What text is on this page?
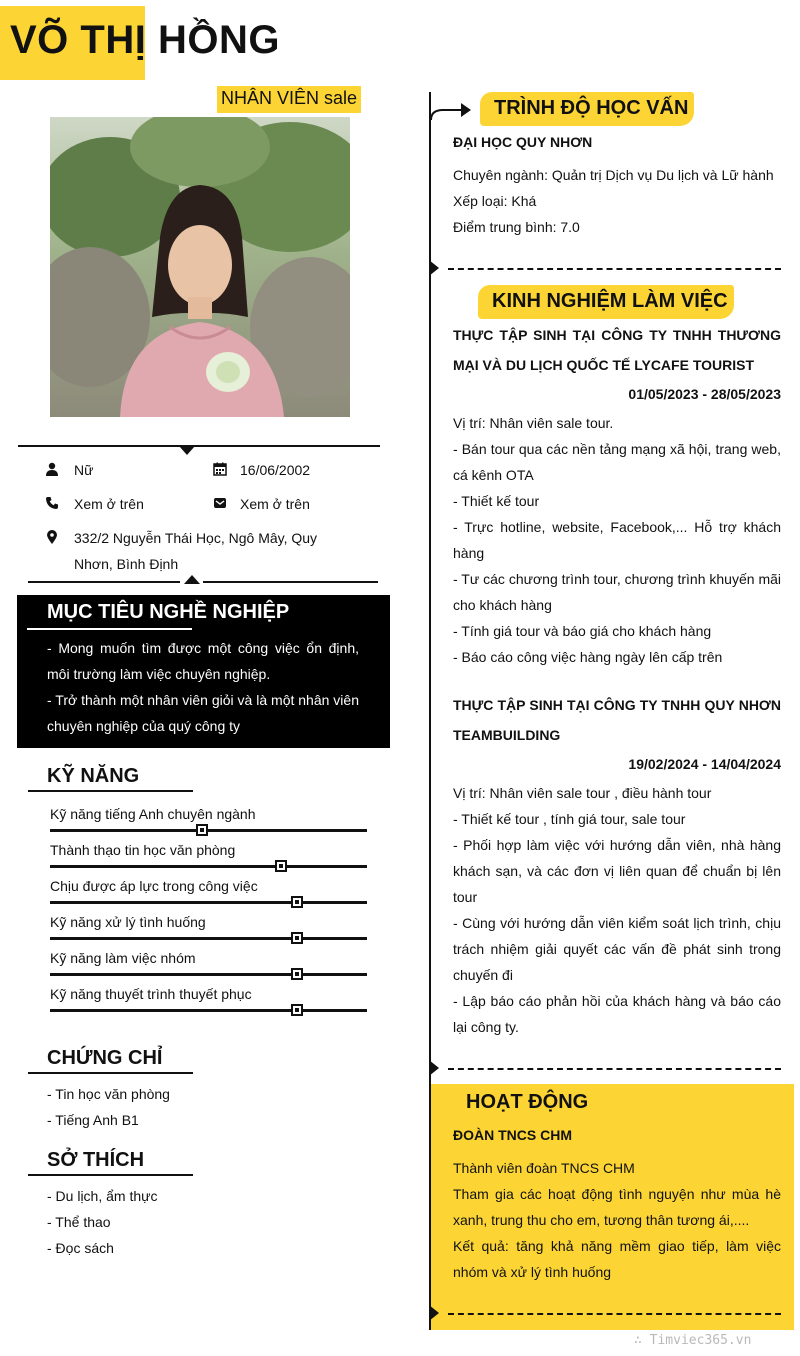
VÕ THỊ HỒNG
NHÂN VIÊN sale
Nữ	16/06/2002
Xem ở trên	Xem ở trên
332/2 Nguyễn Thái Học, Ngô Mây, Quy Nhơn, Bình Định
MỤC TIÊU NGHỀ NGHIỆP
- Mong muốn tìm được một công việc ổn định, môi trường làm việc chuyên nghiệp.
- Trở thành một nhân viên giỏi và là một nhân viên chuyên nghiệp của quý công ty
KỸ NĂNG
Kỹ năng tiếng Anh chuyên ngành
Thành thạo tin học văn phòng
Chịu được áp lực trong công việc
Kỹ năng xử lý tình huống
Kỹ năng làm việc nhóm
Kỹ năng thuyết trình thuyết phục
CHỨNG CHỈ
- Tin học văn phòng
- Tiếng Anh B1
SỞ THÍCH
- Du lịch, ẩm thực
- Thể thao
- Đọc sách
TRÌNH ĐỘ HỌC VẤN
ĐẠI HỌC QUY NHƠN
Chuyên ngành: Quản trị Dịch vụ Du lịch và Lữ hành
Xếp loại: Khá
Điểm trung bình: 7.0
KINH NGHIỆM LÀM VIỆC
THỰC TẬP SINH TẠI CÔNG TY TNHH THƯƠNG MẠI VÀ DU LỊCH QUỐC TẾ LYCAFE TOURIST
01/05/2023 - 28/05/2023
Vị trí: Nhân viên sale tour.
- Bán tour qua các nền tảng mạng xã hội, trang web, cá kênh OTA
- Thiết kế tour
- Trực hotline, website, Facebook,... Hỗ trợ khách hàng
- Tư các chương trình tour, chương trình khuyến mãi cho khách hàng
- Tính giá tour và báo giá cho khách hàng
- Báo cáo công việc hàng ngày lên cấp trên
THỰC TẬP SINH TẠI CÔNG TY TNHH QUY NHƠN TEAMBUILDING
19/02/2024 - 14/04/2024
Vị trí: Nhân viên sale tour , điều hành tour
- Thiết kế tour , tính giá tour, sale tour
- Phối hợp làm việc với hướng dẫn viên, nhà hàng khách sạn, và các đơn vị liên quan để chuẩn bị lên tour
- Cùng với hướng dẫn viên kiểm soát lịch trình, chịu trách nhiệm giải quyết các vấn đề phát sinh trong chuyến đi
- Lập báo cáo phản hồi của khách hàng và báo cáo lại công ty.
HOẠT ĐỘNG
ĐOÀN TNCS CHM
Thành viên đoàn TNCS CHM
Tham gia các hoạt động tình nguyện như mùa hè xanh, trung thu cho em, tương thân tương ái,....
Kết quả: tăng khả năng mềm giao tiếp, làm việc nhóm và xử lý tình huống
∴ Timviec365.vn
